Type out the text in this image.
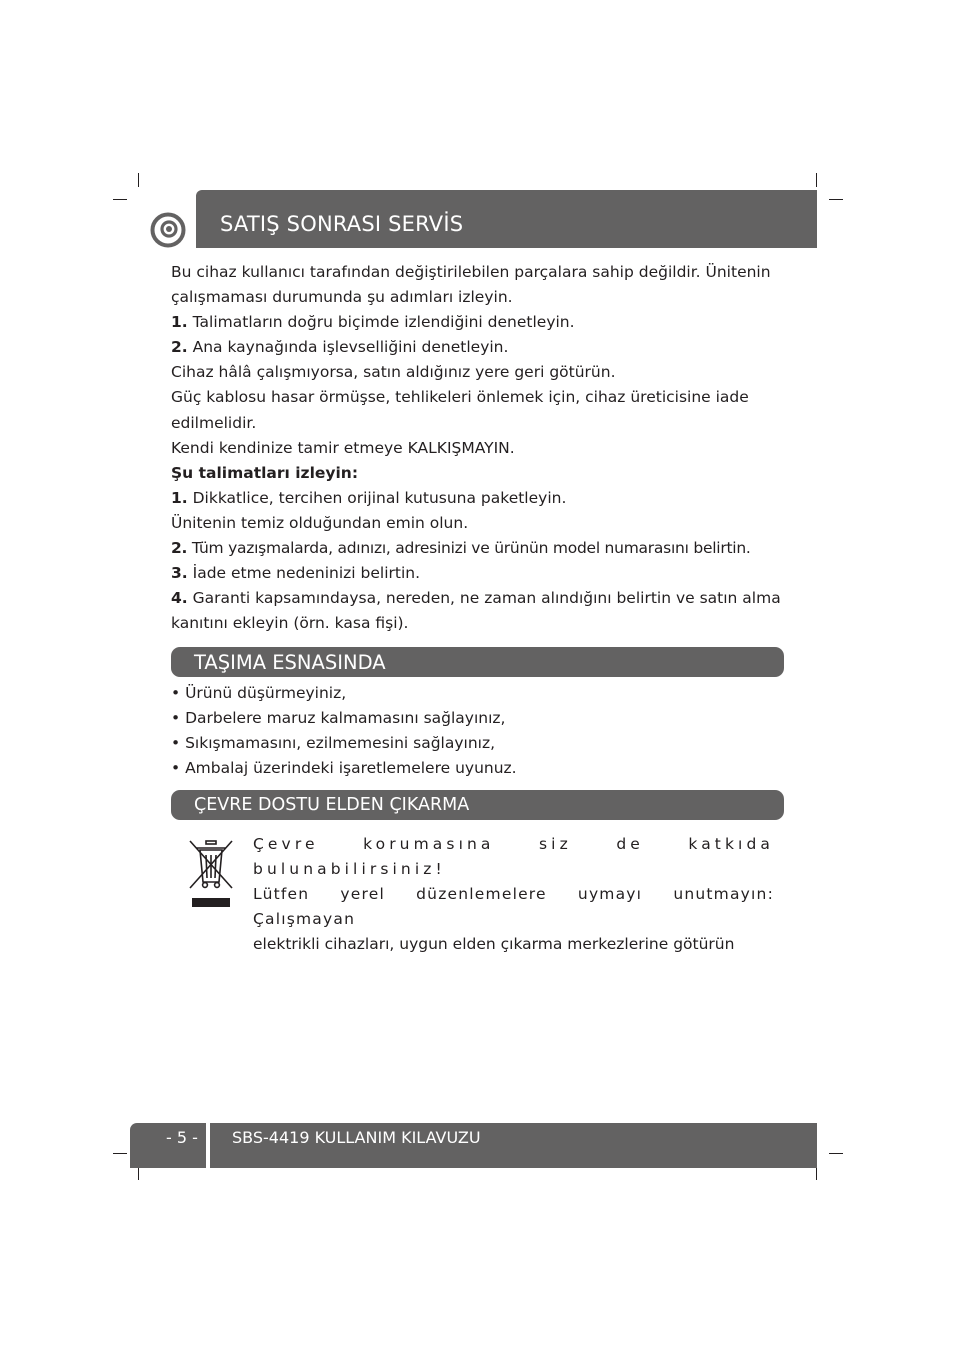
SATIŞ SONRASI SERVİS

Bu cihaz kullanıcı tarafından değiştirilebilen parçalara sahip değildir. Ünitenin çalışmaması durumunda şu adımları izleyin.

1. Talimatların doğru biçimde izlendiğini denetleyin.

2. Ana kaynağında işlevselliğini denetleyin.

Cihaz hâlâ çalışmıyorsa, satın aldığınız yere geri götürün.

Güç kablosu hasar örmüşse, tehlikeleri önlemek için, cihaz üreticisine iade edilmelidir.

Kendi kendinize tamir etmeye KALKIŞMAYIN.

Şu talimatları izleyin:

1. Dikkatlice, tercihen orijinal kutusuna paketleyin.

Ünitenin temiz olduğundan emin olun.

2. Tüm yazışmalarda, adınızı, adresinizi ve ürünün model numarasını belirtin.

3. İade etme nedeninizi belirtin.

4. Garanti kapsamındaysa, nereden, ne zaman alındığını belirtin ve satın alma kanıtını ekleyin (örn. kasa fişi).

TAŞIMA ESNASINDA

• Ürünü düşürmeyiniz,

• Darbelere maruz kalmamasını sağlayınız,

• Sıkışmamasını, ezilmemesini sağlayınız,

• Ambalaj üzerindeki işaretlemelere uyunuz.

ÇEVRE DOSTU ELDEN ÇIKARMA

Çevre korumasına siz de katkıda bulunabilirsiniz!

Lütfen yerel düzenlemelere uymayı unutmayın: Çalışmayan

elektrikli cihazları, uygun elden çıkarma merkezlerine götürün

- 5 - SBS-4419 KULLANIM KILAVUZU
